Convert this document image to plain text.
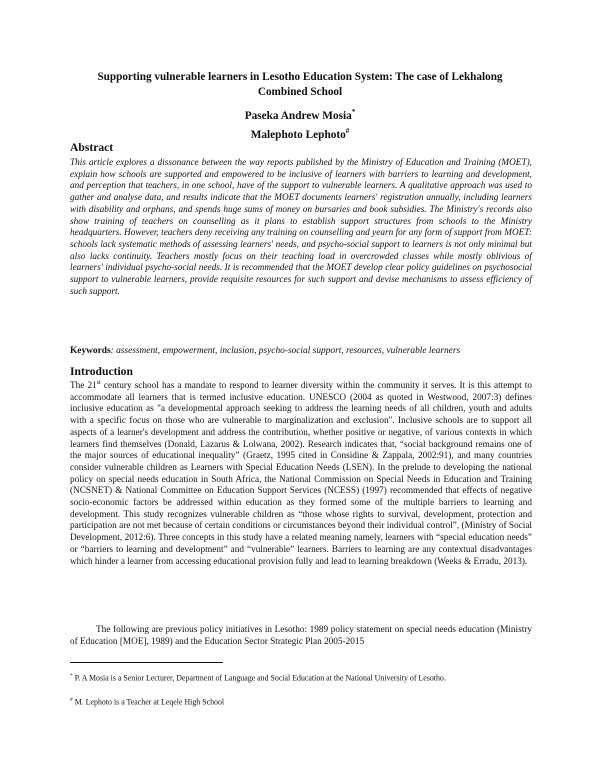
Supporting vulnerable learners in Lesotho Education System: The case of Lekhalong Combined School
Paseka Andrew Mosia*
Malephoto Lephoto#
Abstract
This article explores a dissonance between the way reports published by the Ministry of Education and Training (MOET), explain how schools are supported and empowered to be inclusive of learners with barriers to learning and development, and perception that teachers, in one school, have of the support to vulnerable learners. A qualitative approach was used to gather and analyse data, and results indicate that the MOET documents learners' registration annually, including learners with disability and orphans, and spends huge sums of money on bursaries and book subsidies. The Ministry's records also show training of teachers on counselling as it plans to establish support structures from schools to the Ministry headquarters. However, teachers deny receiving any training on counselling and yearn for any form of support from MOET: schools lack systematic methods of assessing learners' needs, and psycho-social support to learners is not only minimal but also lacks continuity. Teachers mostly focus on their teaching load in overcrowded classes while mostly oblivious of learners' individual psycho-social needs. It is recommended that the MOET develop clear policy guidelines on psychosocial support to vulnerable learners, provide requisite resources for such support and devise mechanisms to assess efficiency of such support.
Keywords: assessment, empowerment, inclusion, psycho-social support, resources, vulnerable learners
Introduction
The 21st century school has a mandate to respond to learner diversity within the community it serves. It is this attempt to accommodate all learners that is termed inclusive education. UNESCO (2004 as quoted in Westwood, 2007:3) defines inclusive education as "a developmental approach seeking to address the learning needs of all children, youth and adults with a specific focus on those who are vulnerable to marginalization and exclusion". Inclusive schools are to support all aspects of a learner's development and address the contribution, whether positive or negative, of various contexts in which learners find themselves (Donald, Lazarus & Lolwana, 2002). Research indicates that, “social background remains one of the major sources of educational inequality” (Graetz, 1995 cited in Considine & Zappala, 2002:91), and many countries consider vulnerable children as Learners with Special Education Needs (LSEN). In the prelude to developing the national policy on special needs education in South Africa, the National Commission on Special Needs in Education and Training (NCSNET) & National Committee on Education Support Services (NCESS) (1997) recommended that effects of negative socio-economic factors be addressed within education as they formed some of the multiple barriers to learning and development. This study recognizes vulnerable children as “those whose rights to survival, development, protection and participation are not met because of certain conditions or circumstances beyond their individual control”, (Ministry of Social Development, 2012:6). Three concepts in this study have a related meaning namely, learners with “special education needs” or “barriers to learning and development” and “vulnerable” learners. Barriers to learning are any contextual disadvantages which hinder a learner from accessing educational provision fully and lead to learning breakdown (Weeks & Erradu, 2013).
The following are previous policy initiatives in Lesotho: 1989 policy statement on special needs education (Ministry of Education [MOE], 1989) and the Education Sector Strategic Plan 2005-2015
* P. A Mosia is a Senior Lecturer, Department of Language and Social Education at the National University of Lesotho.
# M. Lephoto is a Teacher at Leqele High School
